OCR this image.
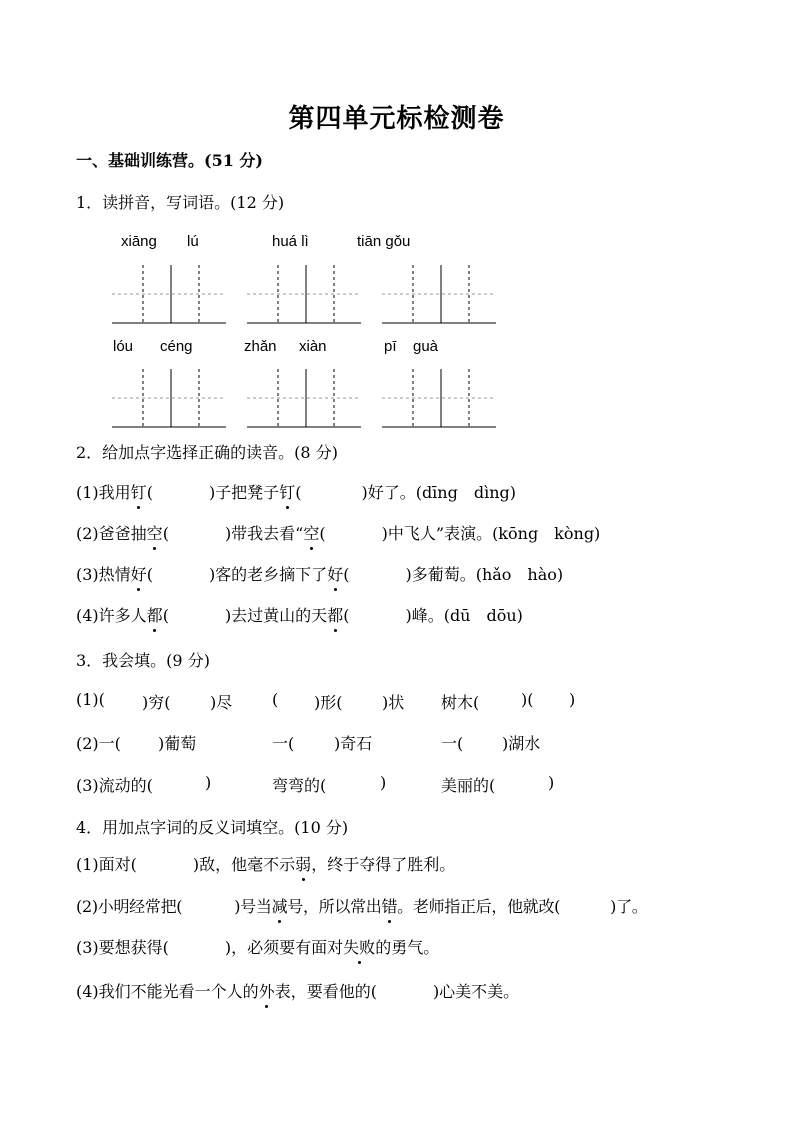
第四单元标检测卷
一、基础训练营。(51 分)
1．读拼音，写词语。(12 分)
xiāng lú	huá lì	tiān gǒu
lóu céng	zhǎn xiàn	pī guà
2．给加点字选择正确的读音。(8 分)
(1)我用钉(	)子把凳子钉(	)好了。(dīng　dìng)
(2)爸爸抽空(	)带我去看“空(	)中飞人”表演。(kōng　kòng)
(3)热情好(	)客的老乡摘下了好(	)多葡萄。(hǎo　hào)
(4)许多人都(	)去过黄山的天都(	)峰。(dū　dōu)
3．我会填。(9 分)
(1)( )穷( )尽 ( )形( )状 树木(	)( )
(2)一( )葡萄	一( )奇石	一( )湖水
(3)流动的(	)	弯弯的(	)	美丽的(	)
4．用加点字词的反义词填空。(10 分)
(1)面对(	)敌，他毫不示弱，终于夺得了胜利。
(2)小明经常把(	)号当减号，所以常出错。老师指正后，他就改(	)了。
(3)要想获得(	)，必须要有面对失败的勇气。
(4)我们不能光看一个人的外表，要看他的(	)心美不美。
